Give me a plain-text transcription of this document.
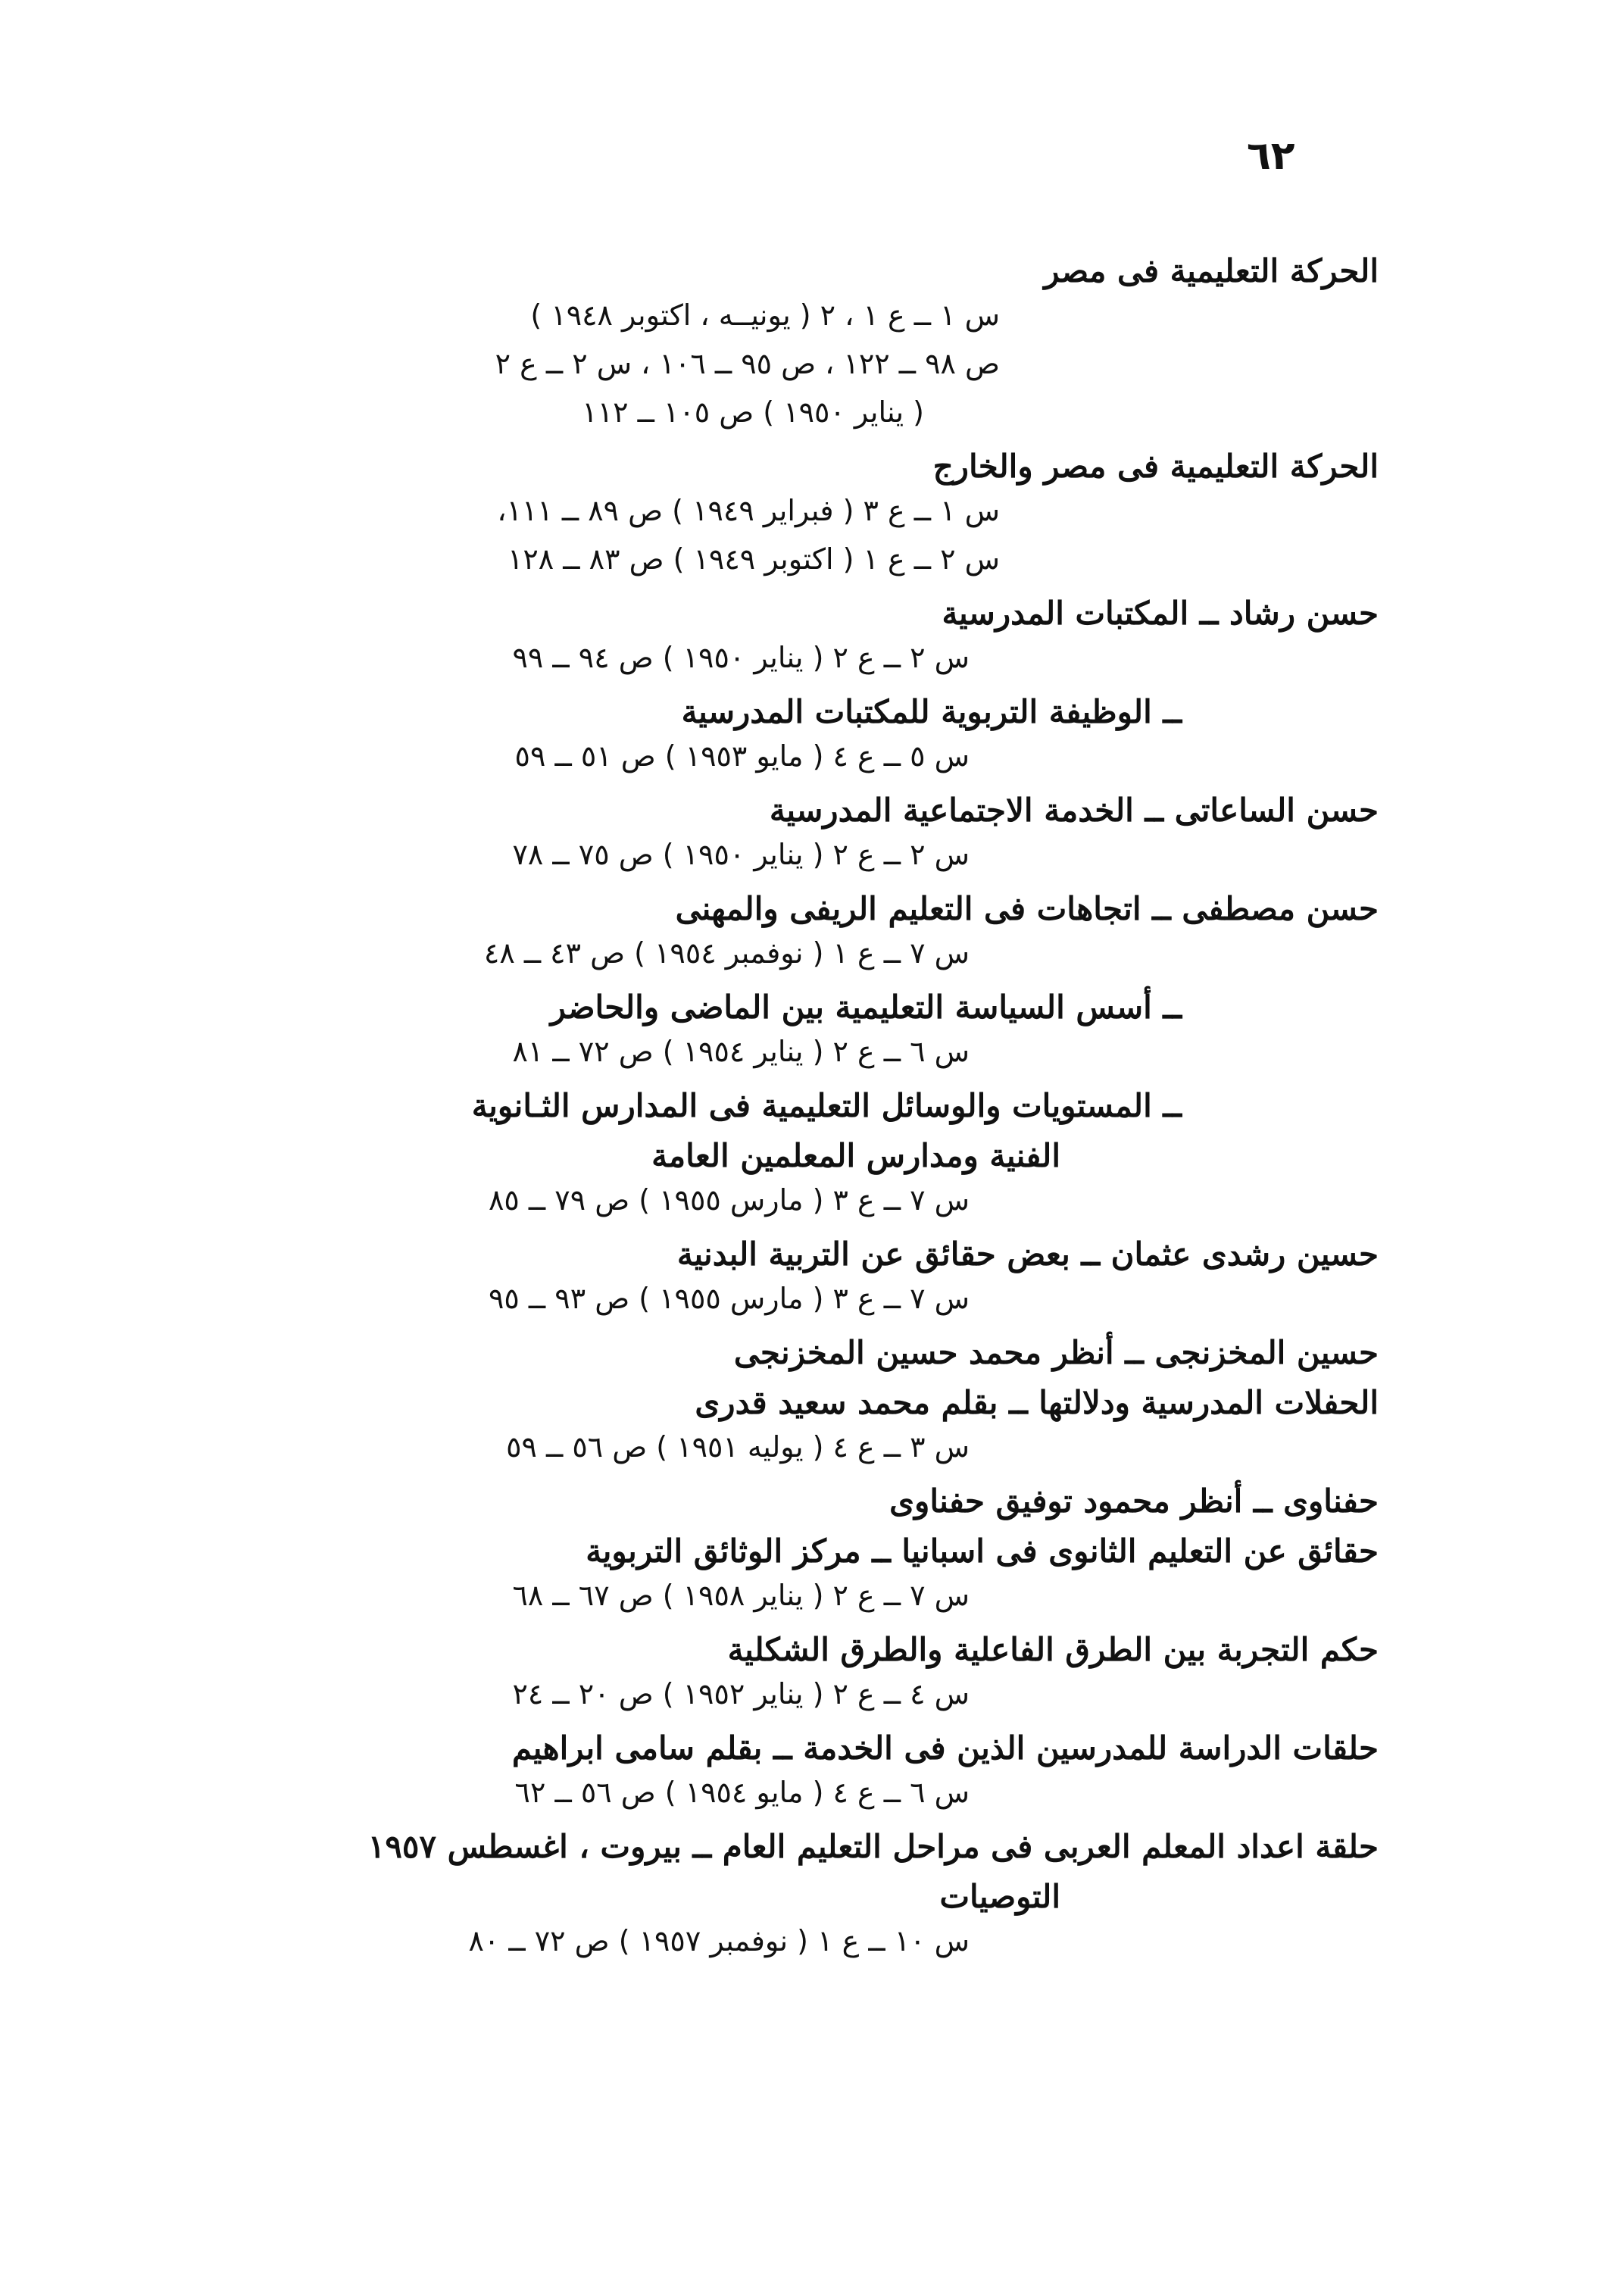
٦٢
الحركة التعليمية فى مصر
س ١ ــ ع ١ ، ٢ ( يونيــه ، اكتوبر ١٩٤٨ )
ص ٩٨ ــ ١٢٢ ، ص ٩٥ ــ ١٠٦ ، س ٢ ــ ع ٢
( يناير ١٩٥٠ ) ص ١٠٥ ــ ١١٢
الحركة التعليمية فى مصر والخارج
س ١ ــ ع ٣ ( فبراير ١٩٤٩ ) ص ٨٩ ــ ١١١،
س ٢ ــ ع ١ ( اكتوبر ١٩٤٩ ) ص ٨٣ ــ ١٢٨
حسن رشاد ــ المكتبات المدرسية
س ٢ ــ ع ٢ ( يناير ١٩٥٠ ) ص ٩٤ ــ ٩٩
ــ الوظيفة التربوية للمكتبات المدرسية
س ٥ ــ ع ٤ ( مايو ١٩٥٣ ) ص ٥١ ــ ٥٩
حسن الساعاتى ــ الخدمة الاجتماعية المدرسية
س ٢ ــ ع ٢ ( يناير ١٩٥٠ ) ص ٧٥ ــ ٧٨
حسن مصطفى ــ اتجاهات فى التعليم الريفى والمهنى
س ٧ ــ ع ١ ( نوفمبر ١٩٥٤ ) ص ٤٣ ــ ٤٨
ــ أسس السياسة التعليمية بين الماضى والحاضر
س ٦ ــ ع ٢ ( يناير ١٩٥٤ ) ص ٧٢ ــ ٨١
ــ المستويات والوسائل التعليمية فى المدارس الثـانوية
الفنية ومدارس المعلمين العامة
س ٧ ــ ع ٣ ( مارس ١٩٥٥ ) ص ٧٩ ــ ٨٥
حسين رشدى عثمان ــ بعض حقائق عن التربية البدنية
س ٧ ــ ع ٣ ( مارس ١٩٥٥ ) ص ٩٣ ــ ٩٥
حسين المخزنجى ــ أنظر محمد حسين المخزنجى
الحفلات المدرسية ودلالتها ــ بقلم محمد سعيد قدرى
س ٣ ــ ع ٤ ( يوليه ١٩٥١ ) ص ٥٦ ــ ٥٩
حفناوى ــ أنظر محمود توفيق حفناوى
حقائق عن التعليم الثانوى فى اسبانيا ــ مركز الوثائق التربوية
س ٧ ــ ع ٢ ( يناير ١٩٥٨ ) ص ٦٧ ــ ٦٨
حكم التجربة بين الطرق الفاعلية والطرق الشكلية
س ٤ ــ ع ٢ ( يناير ١٩٥٢ ) ص ٢٠ ــ ٢٤
حلقات الدراسة للمدرسين الذين فى الخدمة ــ بقلم سامى ابراهيم
س ٦ ــ ع ٤ ( مايو ١٩٥٤ ) ص ٥٦ ــ ٦٢
حلقة اعداد المعلم العربى فى مراحل التعليم العام ــ بيروت ، اغسطس ١٩٥٧
التوصيات
س ١٠ ــ ع ١ ( نوفمبر ١٩٥٧ ) ص ٧٢ ــ ٨٠
